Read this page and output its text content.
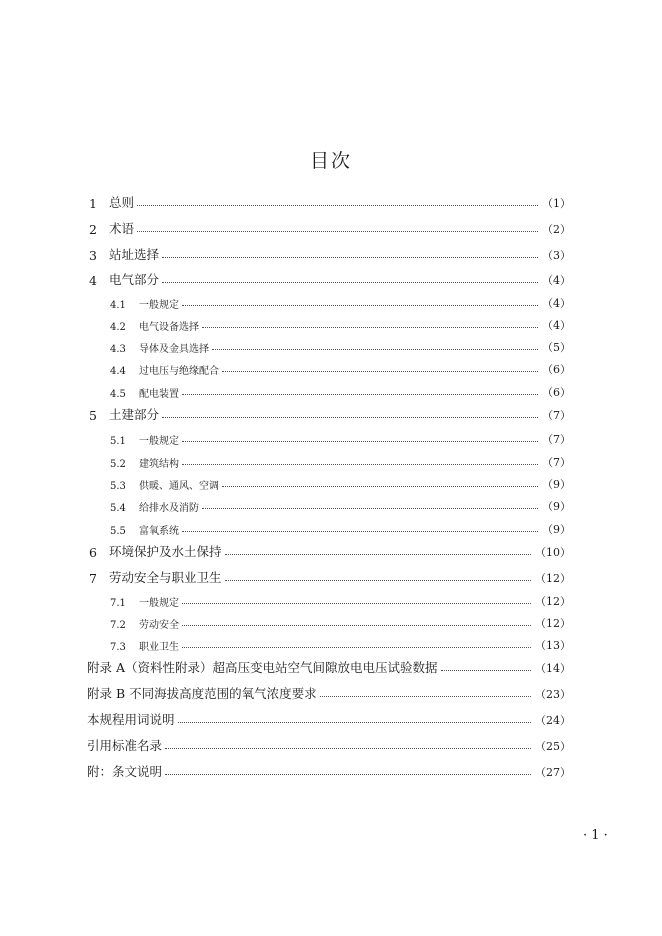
目次
1 总则	（1）
2 术语	（2）
3 站址选择	（3）
4 电气部分	（4）
4.1	一般规定	（4）
4.2	电气设备选择	（4）
4.3	导体及金具选择	（5）
4.4	过电压与绝缘配合	（6）
4.5	配电装置	（6）
5 土建部分	（7）
5.1	一般规定	（7）
5.2	建筑结构	（7）
5.3	供暖、通风、空调	（9）
5.4	给排水及消防	（9）
5.5	富氧系统	（9）
6 环境保护及水土保持	（10）
7 劳动安全与职业卫生	（12）
7.1	一般规定	（12）
7.2	劳动安全	（12）
7.3	职业卫生	（13）
附录 A（资料性附录）超高压变电站空气间隙放电电压试验数据	（14）
附录 B 不同海拔高度范围的氧气浓度要求	（23）
本规程用词说明	（24）
引用标准名录	（25）
附：条文说明	（27）
· 1 ·
